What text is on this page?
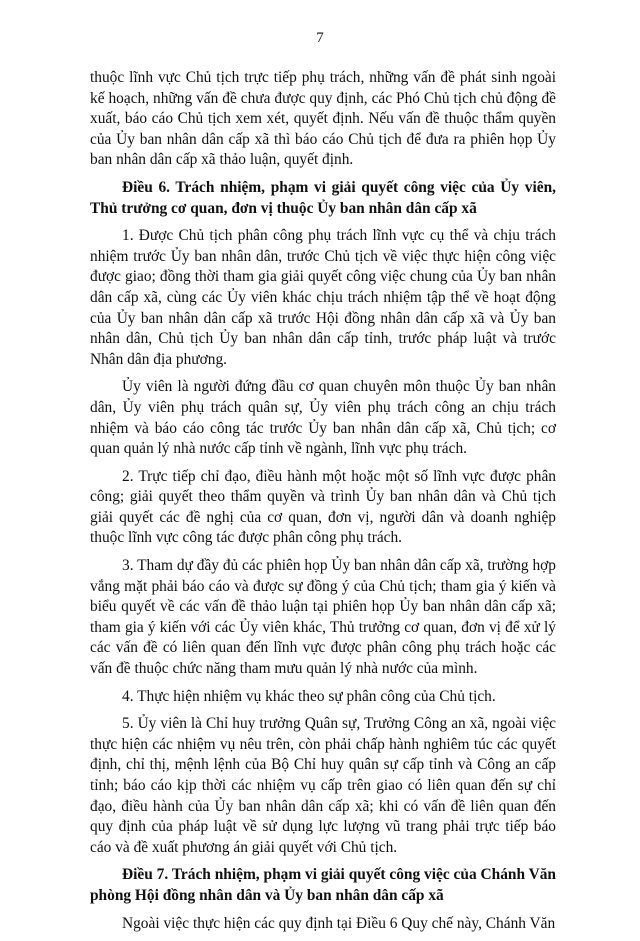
7

thuộc lĩnh vực Chủ tịch trực tiếp phụ trách, những vấn đề phát sinh ngoài kế hoạch, những vấn đề chưa được quy định, các Phó Chủ tịch chủ động đề xuất, báo cáo Chủ tịch xem xét, quyết định. Nếu vấn đề thuộc thẩm quyền của Ủy ban nhân dân cấp xã thì báo cáo Chủ tịch để đưa ra phiên họp Ủy ban nhân dân cấp xã thảo luận, quyết định.

Điều 6. Trách nhiệm, phạm vi giải quyết công việc của Ủy viên, Thủ trưởng cơ quan, đơn vị thuộc Ủy ban nhân dân cấp xã

1. Được Chủ tịch phân công phụ trách lĩnh vực cụ thể và chịu trách nhiệm trước Ủy ban nhân dân, trước Chủ tịch về việc thực hiện công việc được giao; đồng thời tham gia giải quyết công việc chung của Ủy ban nhân dân cấp xã, cùng các Ủy viên khác chịu trách nhiệm tập thể về hoạt động của Ủy ban nhân dân cấp xã trước Hội đồng nhân dân cấp xã và Ủy ban nhân dân, Chủ tịch Ủy ban nhân dân cấp tỉnh, trước pháp luật và trước Nhân dân địa phương.

Ủy viên là người đứng đầu cơ quan chuyên môn thuộc Ủy ban nhân dân, Ủy viên phụ trách quân sự, Ủy viên phụ trách công an chịu trách nhiệm và báo cáo công tác trước Ủy ban nhân dân cấp xã, Chủ tịch; cơ quan quản lý nhà nước cấp tỉnh về ngành, lĩnh vực phụ trách.

2. Trực tiếp chỉ đạo, điều hành một hoặc một số lĩnh vực được phân công; giải quyết theo thẩm quyền và trình Ủy ban nhân dân và Chủ tịch giải quyết các đề nghị của cơ quan, đơn vị, người dân và doanh nghiệp thuộc lĩnh vực công tác được phân công phụ trách.

3. Tham dự đầy đủ các phiên họp Ủy ban nhân dân cấp xã, trường hợp vắng mặt phải báo cáo và được sự đồng ý của Chủ tịch; tham gia ý kiến và biểu quyết về các vấn đề thảo luận tại phiên họp Ủy ban nhân dân cấp xã; tham gia ý kiến với các Ủy viên khác, Thủ trưởng cơ quan, đơn vị để xử lý các vấn đề có liên quan đến lĩnh vực được phân công phụ trách hoặc các vấn đề thuộc chức năng tham mưu quản lý nhà nước của mình.

4. Thực hiện nhiệm vụ khác theo sự phân công của Chủ tịch.

5. Ủy viên là Chỉ huy trưởng Quân sự, Trưởng Công an xã, ngoài việc thực hiện các nhiệm vụ nêu trên, còn phải chấp hành nghiêm túc các quyết định, chỉ thị, mệnh lệnh của Bộ Chỉ huy quân sự cấp tỉnh và Công an cấp tỉnh; báo cáo kịp thời các nhiệm vụ cấp trên giao có liên quan đến sự chỉ đạo, điều hành của Ủy ban nhân dân cấp xã; khi có vấn đề liên quan đến quy định của pháp luật về sử dụng lực lượng vũ trang phải trực tiếp báo cáo và đề xuất phương án giải quyết với Chủ tịch.

Điều 7. Trách nhiệm, phạm vi giải quyết công việc của Chánh Văn phòng Hội đồng nhân dân và Ủy ban nhân dân cấp xã

Ngoài việc thực hiện các quy định tại Điều 6 Quy chế này, Chánh Văn
